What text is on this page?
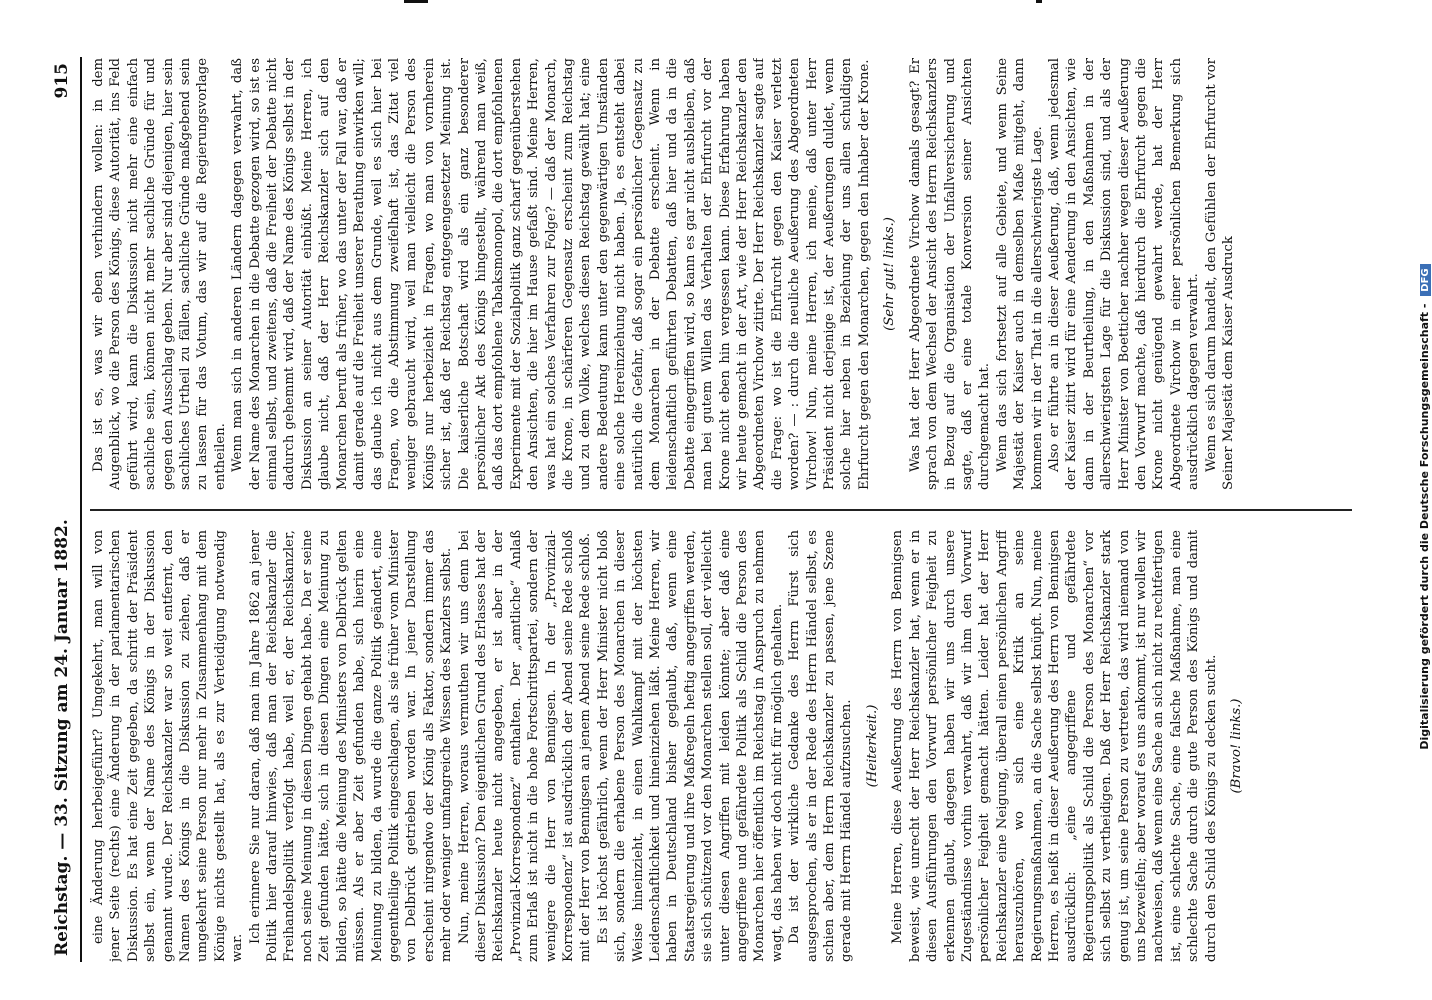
Reichstag. — 33. Sitzung am 24. Januar 1882.
915

eine Änderung herbeigeführt? Umgekehrt, man will von jener Seite (rechts) eine Änderung in der parlamentarischen Diskussion. Es hat eine Zeit gegeben, da schritt der Präsident selbst ein, wenn der Name des Königs in der Diskussion genannt wurde. Der Reichskanzler war so weit entfernt, den Namen des Königs in die Diskussion zu ziehen, daß er umgekehrt seine Person nur mehr in Zusammenhang mit dem Könige nichts gestellt hat, als es zur Verteidigung notwendig war.

Ich erinnere Sie nur daran, daß man im Jahre 1862 an jener Politik hier darauf hinwies, daß man der Reichskanzler die Freihandelspolitik verfolgt habe, weil er, der Reichskanzler, noch seine Meinung in diesen Dingen gehabt habe. Da er seine Zeit gefunden hätte, sich in diesen Dingen eine Meinung zu bilden, so hätte die Meinung des Ministers von Delbrück gelten müssen. Als er aber Zeit gefunden habe, sich hierin eine Meinung zu bilden, da wurde die ganze Politik geändert, eine gegentheilige Politik eingeschlagen, als sie früher vom Minister von Delbrück getrieben worden war. In jener Darstellung erscheint nirgendwo der König als Faktor, sondern immer das mehr oder weniger umfangreiche Wissen des Kanzlers selbst. Nun, meine Herren, woraus vermuthen wir uns denn bei dieser Diskussion? Den eigentlichen Grund des Erlasses hat der Reichskanzler heute nicht angegeben, er ist aber in der „Provinzial-Korrespondenz“ enthalten. Der „amtliche“ Anlaß zum Erlaß ist nicht in die hohe Fortschrittspartei, sondern der wenigere die Herr von Bennigsen. In der „Provinzial-Korrespondenz“ ist ausdrücklich der Abend seine Rede schloß mit der Herr von Bennigsen an jenem Abend seine Rede schloß. Es ist höchst gefährlich, wenn der Herr Minister nicht bloß sich, sondern die erhabene Person des Monarchen in dieser Weise hineinzieht, in einen Wahlkampf mit der höchsten Leidenschaftlichkeit und hineinziehen läßt. Meine Herren, wir haben in Deutschland bisher geglaubt, daß, wenn eine Staatsregierung und ihre Maßregeln heftig angegriffen werden, sie sich schützend vor den Monarchen stellen soll, der vielleicht unter diesen Angriffen mit leiden könnte; aber daß eine angegriffene und gefährdete Politik als Schild die Person des Monarchen hier öffentlich im Reichstag in Anspruch zu nehmen wagt, das haben wir doch nicht für möglich gehalten. Da ist der wirkliche Gedanke des Herrn Fürst sich ausgesprochen, als er in der Rede des Herrn Händel selbst, es schien aber, dem Herrn Reichskanzler zu passen, jene Szene gerade mit Herrn Händel aufzusuchen. (Heiterkeit.) Meine Herren, diese Aeußerung des Herrn von Bennigsen beweist, wie unrecht der Herr Reichskanzler hat, wenn er in diesen Ausführungen den Vorwurf persönlicher Feigheit zu erkennen glaubt, dagegen haben wir uns durch unsere Zugeständnisse vorhin verwahrt, daß wir ihm den Vorwurf persönlicher Feigheit gemacht hätten. Leider hat der Herr Reichskanzler eine Neigung, überall einen persönlichen Angriff herauszuhören, wo sich eine Kritik an seine Regierungsmaßnahmen, an die Sache selbst knüpft. Nun, meine Herren, es heißt in dieser Aeußerung des Herrn von Bennigsen ausdrücklich: „eine angegriffene und gefährdete Regierungspolitik als Schild die Person des Monarchen“ vor sich selbst zu vertheidigen. Daß der Herr Reichskanzler stark genug ist, um seine Person zu vertreten, das wird niemand von uns bezweifeln; aber worauf es uns ankommt, ist nur wollen wir nachweisen, daß wenn eine Sache an sich nicht zu rechtfertigen ist, eine schlechte Sache, eine falsche Maßnahme, man eine schlechte Sache durch die gute Person des Königs und damit durch den Schild des Königs zu decken sucht. (Bravo! links.)

Das ist es, was wir eben verhindern wollen: in dem Augenblick, wo die Person des Königs, diese Autorität, ins Feld geführt wird, kann die Diskussion nicht mehr eine einfach sachliche sein, können nicht mehr sachliche Gründe für und gegen den Ausschlag geben. Nur aber sind diejenigen, hier sein sachliches Urtheil zu fällen, sachliche Gründe maßgebend sein zu lassen für das Votum, das wir auf die Regierungsvorlage entheilen. Wenn man sich in anderen Ländern dagegen verwahrt, daß der Name des Monarchen in die Debatte gezogen wird, so ist es einmal selbst, und zweitens, daß die Freiheit der Debatte nicht dadurch gehemmt wird, daß der Name des Königs selbst in der Diskussion an seiner Autorität einbüßt. Meine Herren, ich glaube nicht, daß der Herr Reichskanzler sich auf den Monarchen beruft als früher, wo das unter der Fall war, daß er damit gerade auf die Freiheit unserer Berathung einwirken will; das glaube ich nicht aus dem Grunde, weil es sich hier bei Fragen, wo die Abstimmung zweifelhaft ist, das Zitat viel weniger gebraucht wird, weil man vielleicht die Person des Königs nur herbeizieht in Fragen, wo man von vornherein sicher ist, daß der Reichstag entgegengesetzter Meinung ist. Die kaiserliche Botschaft wird als ein ganz besonderer persönlicher Akt des Königs hingestellt, während man weiß, daß das dort empfohlene Tabaksmonopol, die dort empfohlenen Experimente mit der Sozialpolitik ganz scharf gegenüberstehen den Ansichten, die hier im Hause gefaßt sind. Meine Herren, was hat ein solches Verfahren zur Folge? — daß der Monarch, die Krone, in schärferen Gegensatz erscheint zum Reichstag und zu dem Volke, welches diesen Reichstag gewählt hat; eine andere Bedeutung kann unter den gegenwärtigen Umständen eine solche Hereinziehung nicht haben. Ja, es entsteht dabei natürlich die Gefahr, daß sogar ein persönlicher Gegensatz zu dem Monarchen in der Debatte erscheint. Wenn in leidenschaftlich geführten Debatten, daß hier und da in die Debatte eingegriffen wird, so kann es gar nicht ausbleiben, daß man bei gutem Willen das Verhalten der Ehrfurcht vor der Krone nicht eben hin vergessen kann. Diese Erfahrung haben wir heute gemacht in der Art, wie der Herr Reichskanzler den Abgeordneten Virchow zitirte. Der Herr Reichskanzler sagte auf die Frage: wo ist die Ehrfurcht gegen den Kaiser verletzt worden? — : durch die neuliche Aeußerung des Abgeordneten Virchow! Nun, meine Herren, ich meine, daß unter Herr Präsident nicht derjenige ist, der Aeußerungen duldet, wenn solche hier neben in Beziehung der uns allen schuldigen Ehrfurcht gegen den Monarchen, gegen den Inhaber der Krone. (Sehr gut! links.) Was hat der Herr Abgeordnete Virchow damals gesagt? Er sprach von dem Wechsel der Ansicht des Herrn Reichskanzlers in Bezug auf die Organisation der Unfallversicherung und sagte, daß er eine totale Konversion seiner Ansichten durchgemacht hat. Wenn das sich fortsetzt auf alle Gebiete, und wenn Seine Majestät der Kaiser auch in demselben Maße mitgeht, dann kommen wir in der That in die allerschwierigste Lage. Also er führte an in dieser Aeußerung, daß, wenn jedesmal der Kaiser zitirt wird für eine Aenderung in den Ansichten, wie dann in der Beurtheilung, in den Maßnahmen in der allerschwierigsten Lage für die Diskussion sind, und als der Herr Minister von Boetticher nachher wegen dieser Aeußerung den Vorwurf machte, daß hierdurch die Ehrfurcht gegen die Krone nicht genügend gewahrt werde, hat der Herr Abgeordnete Virchow in einer persönlichen Bemerkung sich ausdrücklich dagegen verwahrt. Wenn es sich darum handelt, den Gefühlen der Ehrfurcht vor Seiner Majestät dem Kaiser Ausdruck	Digitalisierung gefördert durch die Deutsche Forschungsgemeinschaft - DFG
